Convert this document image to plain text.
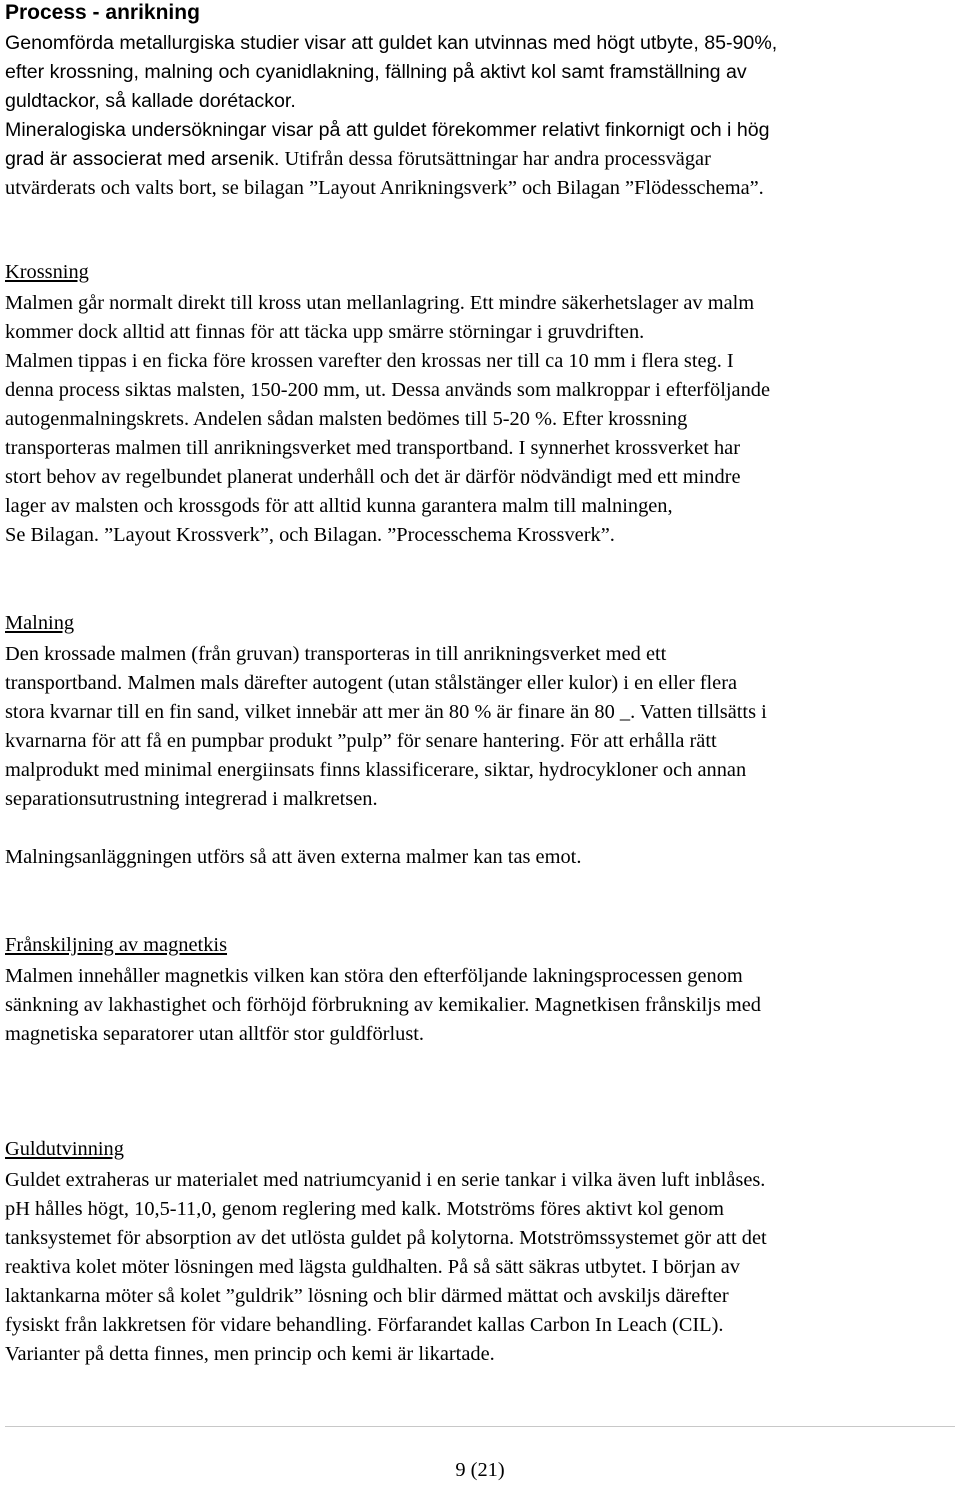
Process - anrikning
Genomförda metallurgiska studier visar att guldet kan utvinnas med högt utbyte, 85-90%,
efter krossning, malning och cyanidlakning, fällning på aktivt kol samt framställning av
guldtackor, så kallade dorétackor.
Mineralogiska undersökningar visar på att guldet förekommer relativt finkornigt och i hög
grad är associerat med arsenik. Utifrån dessa förutsättningar har andra processvägar
utvärderats och valts bort, se bilagan ”Layout Anrikningsverk” och Bilagan ”Flödesschema”.
Krossning
Malmen går normalt direkt till kross utan mellanlagring. Ett mindre säkerhetslager av malm
kommer dock alltid att finnas för att täcka upp smärre störningar i gruvdriften.
Malmen tippas i en ficka före krossen varefter den krossas ner till ca 10 mm i flera steg. I
denna process siktas malsten, 150-200 mm, ut. Dessa används som malkroppar i efterföljande
autogenmalningskrets. Andelen sådan malsten bedömes till 5-20 %. Efter krossning
transporteras malmen till anrikningsverket med transportband. I synnerhet krossverket har
stort behov av regelbundet planerat underhåll och det är därför nödvändigt med ett mindre
lager av malsten och krossgods för att alltid kunna garantera malm till malningen,
Se Bilagan. ”Layout Krossverk”, och Bilagan. ”Processchema Krossverk”.
Malning
Den krossade malmen (från gruvan) transporteras in till anrikningsverket med ett
transportband. Malmen mals därefter autogent (utan stålstänger eller kulor) i en eller flera
stora kvarnar till en fin sand, vilket innebär att mer än 80 % är finare än 80 _. Vatten tillsätts i
kvarnarna för att få en pumpbar produkt ”pulp” för senare hantering. För att erhålla rätt
malprodukt med minimal energiinsats finns klassificerare, siktar, hydrocykloner och annan
separationsutrustning integrerad i malkretsen.
Malningsanläggningen utförs så att även externa malmer kan tas emot.
Frånskiljning av magnetkis
Malmen innehåller magnetkis vilken kan störa den efterföljande lakningsprocessen genom
sänkning av lakhastighet och förhöjd förbrukning av kemikalier. Magnetkisen frånskiljs med
magnetiska separatorer utan alltför stor guldförlust.
Guldutvinning
Guldet extraheras ur materialet med natriumcyanid i en serie tankar i vilka även luft inblåses.
pH hålles högt, 10,5-11,0, genom reglering med kalk. Motströms föres aktivt kol genom
tanksystemet för absorption av det utlösta guldet på kolytorna. Motströmssystemet gör att det
reaktiva kolet möter lösningen med lägsta guldhalten. På så sätt säkras utbytet. I början av
laktankarna möter så kolet ”guldrik” lösning och blir därmed mättat och avskiljs därefter
fysiskt från lakkretsen för vidare behandling. Förfarandet kallas Carbon In Leach (CIL).
Varianter på detta finnes, men princip och kemi är likartade.
9 (21)
